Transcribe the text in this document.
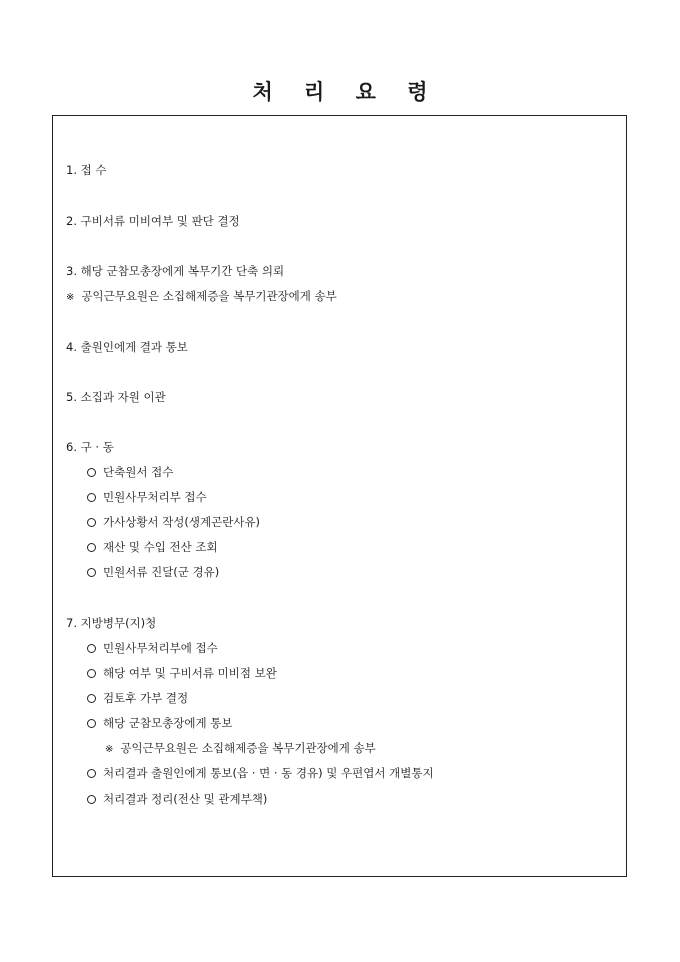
처 리 요 령
1. 접 수
2. 구비서류 미비여부 및 판단 결정
3. 해당 군참모총장에게 복무기간 단축 의뢰
※ 공익근무요원은 소집해제증을 복무기관장에게 송부
4. 출원인에게 결과 통보
5. 소집과 자원 이관
6. 구 · 동
단축원서 접수
민원사무처리부 접수
가사상황서 작성(생계곤란사유)
재산 및 수입 전산 조회
민원서류 진달(군 경유)
7. 지방병무(지)청
민원사무처리부에 접수
해당 여부 및 구비서류 미비점 보완
검토후 가부 결정
해당 군참모총장에게 통보
※ 공익근무요원은 소집해제증을 복무기관장에게 송부
처리결과 출원인에게 통보(읍 · 면 · 동 경유) 및 우편엽서 개별통지
처리결과 정리(전산 및 관계부책)
